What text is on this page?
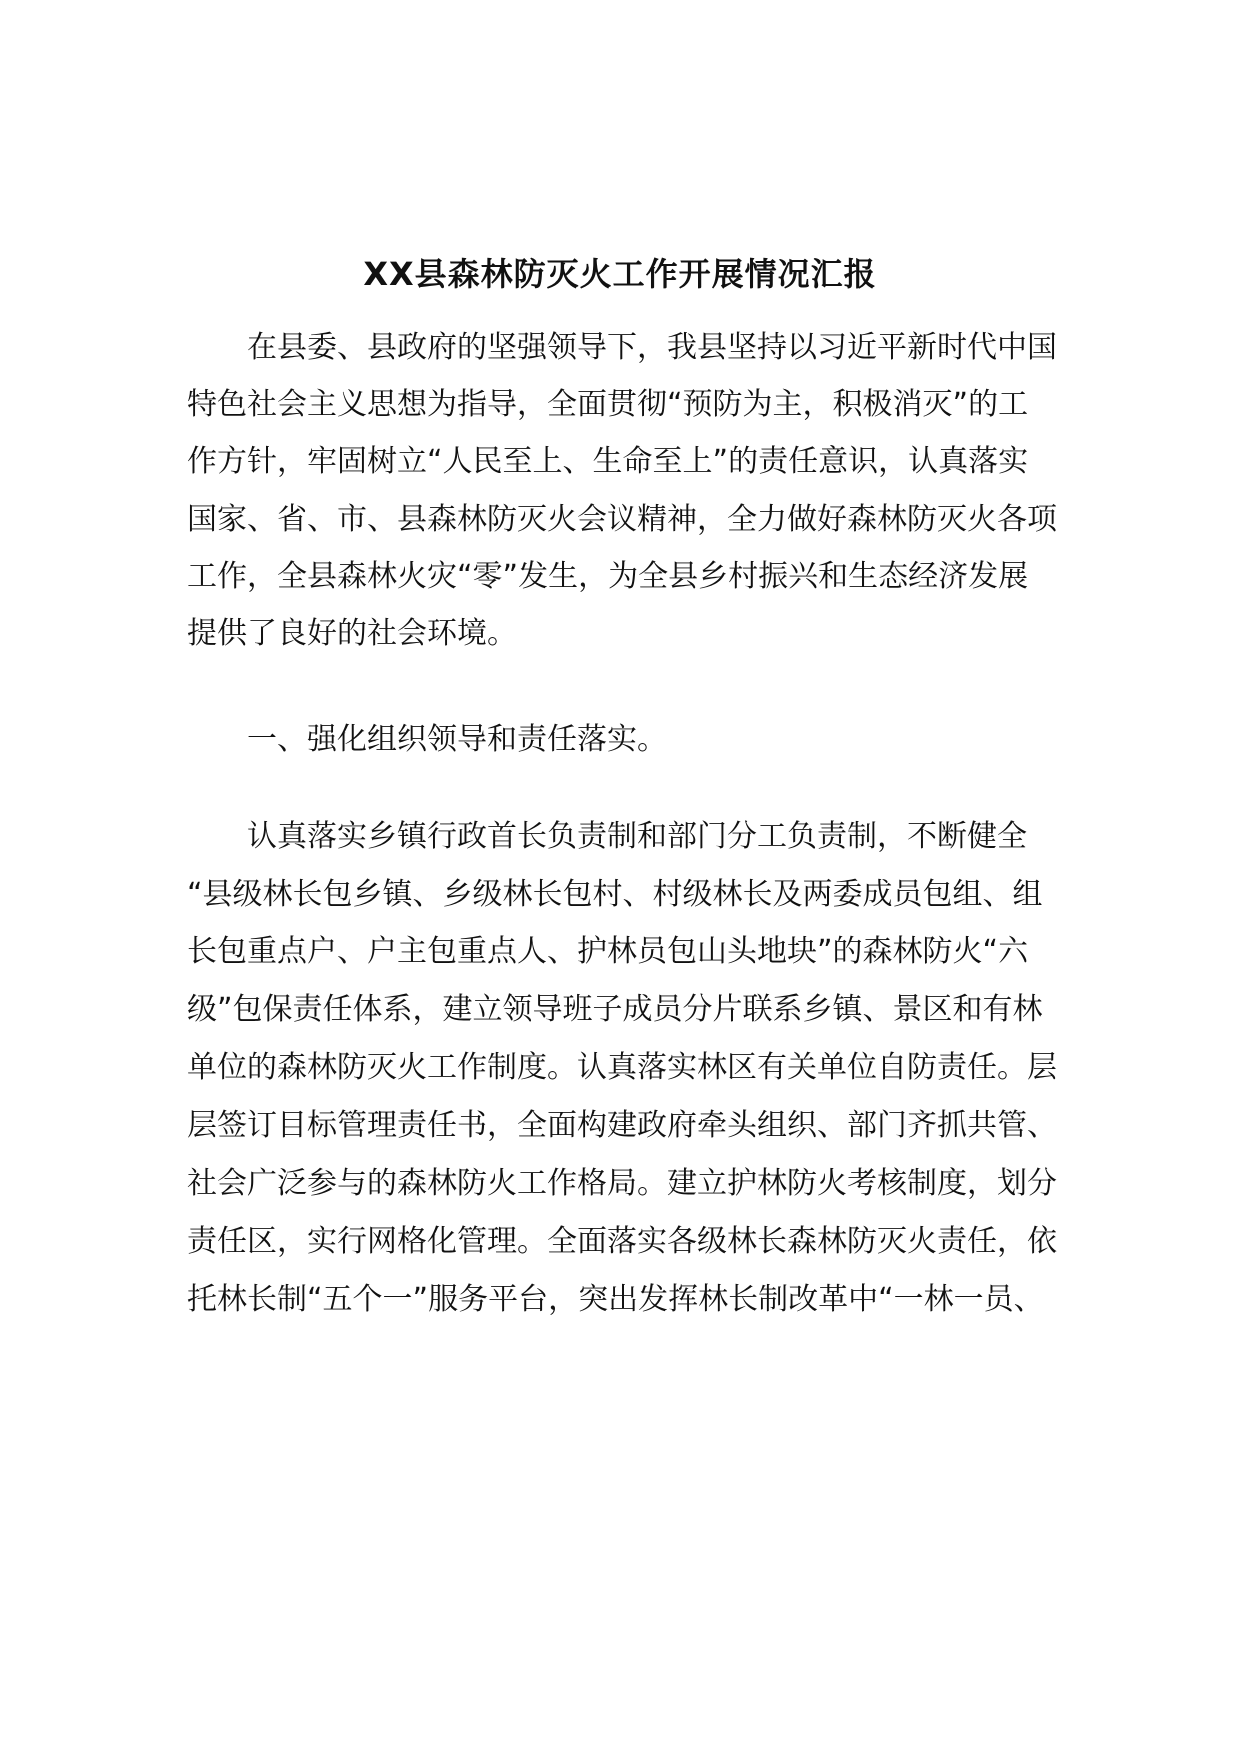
XX县森林防灭火工作开展情况汇报
　　在县委、县政府的坚强领导下，我县坚持以习近平新时代中国
特色社会主义思想为指导，全面贯彻“预防为主，积极消灭”的工
作方针，牢固树立“人民至上、生命至上”的责任意识，认真落实
国家、省、市、县森林防灭火会议精神，全力做好森林防灭火各项
工作，全县森林火灾“零”发生，为全县乡村振兴和生态经济发展
提供了良好的社会环境。
　　一、强化组织领导和责任落实。
　　认真落实乡镇行政首长负责制和部门分工负责制，不断健全
“县级林长包乡镇、乡级林长包村、村级林长及两委成员包组、组
长包重点户、户主包重点人、护林员包山头地块”的森林防火“六
级”包保责任体系，建立领导班子成员分片联系乡镇、景区和有林
单位的森林防灭火工作制度。认真落实林区有关单位自防责任。层
层签订目标管理责任书，全面构建政府牵头组织、部门齐抓共管、
社会广泛参与的森林防火工作格局。建立护林防火考核制度，划分
责任区，实行网格化管理。全面落实各级林长森林防灭火责任，依
托林长制“五个一”服务平台，突出发挥林长制改革中“一林一员、
